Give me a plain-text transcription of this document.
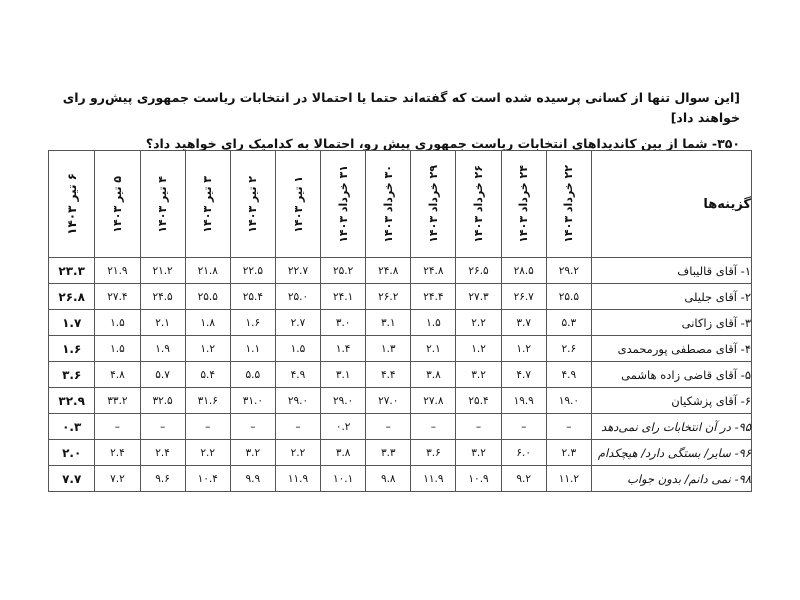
[این سوال تنها از کسانی پرسیده شده است که گفته‌اند حتما یا احتمالا در انتخابات ریاست جمهوری پیش‌رو رای خواهند داد]
۳۵۰- شما از بین کاندیداهای انتخابات ریاست جمهوری پیش رو، احتمالا به کدامیک رای خواهید داد؟
گزینه‌ها	۲۲ خرداد ۱۴۰۳	۲۴ خرداد ۱۴۰۳	۲۶ خرداد ۱۴۰۳	۲۹ خرداد ۱۴۰۳	۳۰ خرداد ۱۴۰۳	۳۱ خرداد ۱۴۰۳	۱ تیر ۱۴۰۳	۲ تیر ۱۴۰۳	۳ تیر ۱۴۰۳	۴ تیر ۱۴۰۳	۵ تیر ۱۴۰۳	۶ تیر ۱۴۰۳

۱- آقای قالیباف	۲۹.۲	۲۸.۵	۲۶.۵	۲۴.۸	۲۴.۸	۲۵.۲	۲۲.۷	۲۲.۵	۲۱.۸	۲۱.۲	۲۱.۹	۲۳.۳
۲- آقای جلیلی	۲۵.۵	۲۶.۷	۲۷.۳	۲۴.۴	۲۶.۲	۲۴.۱	۲۵.۰	۲۵.۴	۲۵.۵	۲۴.۵	۲۷.۴	۲۶.۸
۳- آقای زاکانی	۵.۳	۳.۷	۲.۲	۱.۵	۳.۱	۳.۰	۲.۷	۱.۶	۱.۸	۲.۱	۱.۵	۱.۷
۴- آقای مصطفی پورمحمدی	۲.۶	۱.۲	۱.۲	۲.۱	۱.۳	۱.۴	۱.۵	۱.۱	۱.۲	۱.۹	۱.۵	۱.۶
۵- آقای قاضی زاده هاشمی	۴.۹	۴.۷	۳.۲	۳.۸	۴.۴	۳.۱	۴.۹	۵.۵	۵.۴	۵.۷	۴.۸	۳.۶
۶- آقای پزشکیان	۱۹.۰	۱۹.۹	۲۵.۴	۲۷.۸	۲۷.۰	۲۹.۰	۲۹.۰	۳۱.۰	۳۱.۶	۳۲.۵	۳۳.۲	۳۲.۹
۹۵- در آن انتخابات رای نمی‌دهد	–	–	–	–	–	۰.۲	–	–	–	–	–	۰.۳
۹۶- سایر/ بستگی دارد/ هیچکدام	۲.۳	۶.۰	۳.۲	۳.۶	۳.۳	۳.۸	۲.۲	۳.۲	۲.۲	۲.۴	۲.۴	۲.۰
۹۸- نمی دانم/ بدون جواب	۱۱.۲	۹.۲	۱۰.۹	۱۱.۹	۹.۸	۱۰.۱	۱۱.۹	۹.۹	۱۰.۴	۹.۶	۷.۲	۷.۷
